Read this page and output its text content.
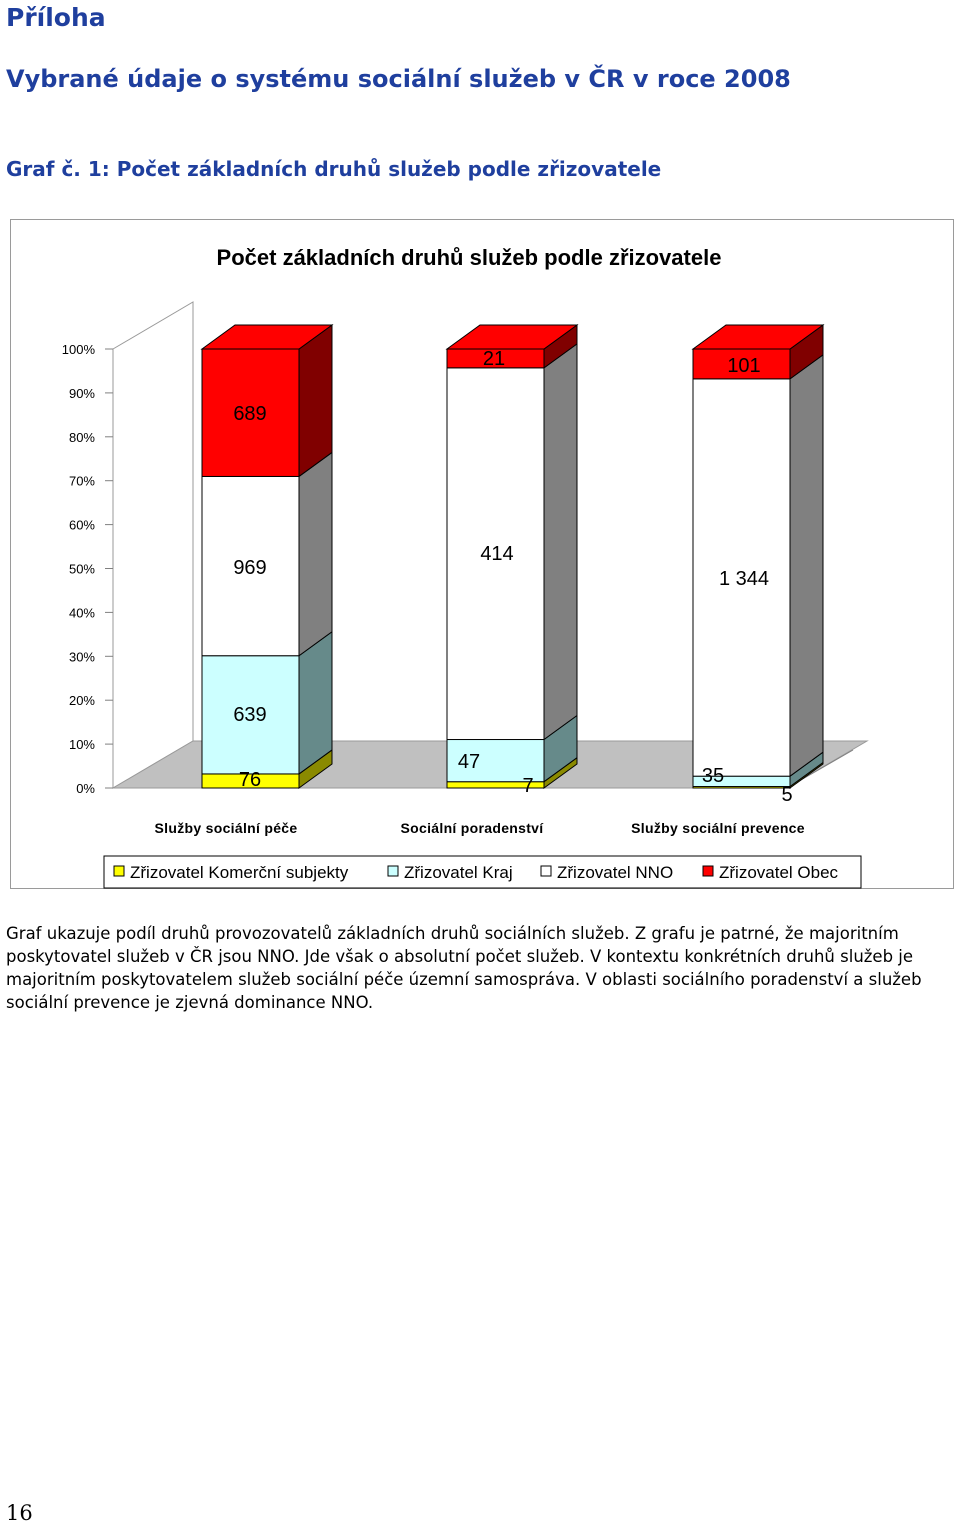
Příloha
Vybrané údaje o systému sociální služeb v ČR v roce 2008
Graf č. 1: Počet základních druhů služeb podle zřizovatele
Počet základních druhů služeb podle zřizovatele
0%
10%
20%
30%
40%
50%
60%
70%
80%
90%
100%
76	7	5
639
47
35
969
414
1 344
689
21	101
Služby sociální péče	Sociální poradenství	Služby sociální prevence
Zřizovatel Komerční subjekty	Zřizovatel Kraj	Zřizovatel NNO	Zřizovatel Obec

Graf ukazuje podíl druhů provozovatelů základních druhů sociálních služeb. Z grafu je patrné, že majoritním poskytovatel služeb v ČR jsou NNO. Jde však o absolutní počet služeb. V kontextu konkrétních druhů služeb je majoritním poskytovatelem služeb sociální péče územní samospráva. V oblasti sociálního poradenství a služeb sociální prevence je zjevná dominance NNO.

16
